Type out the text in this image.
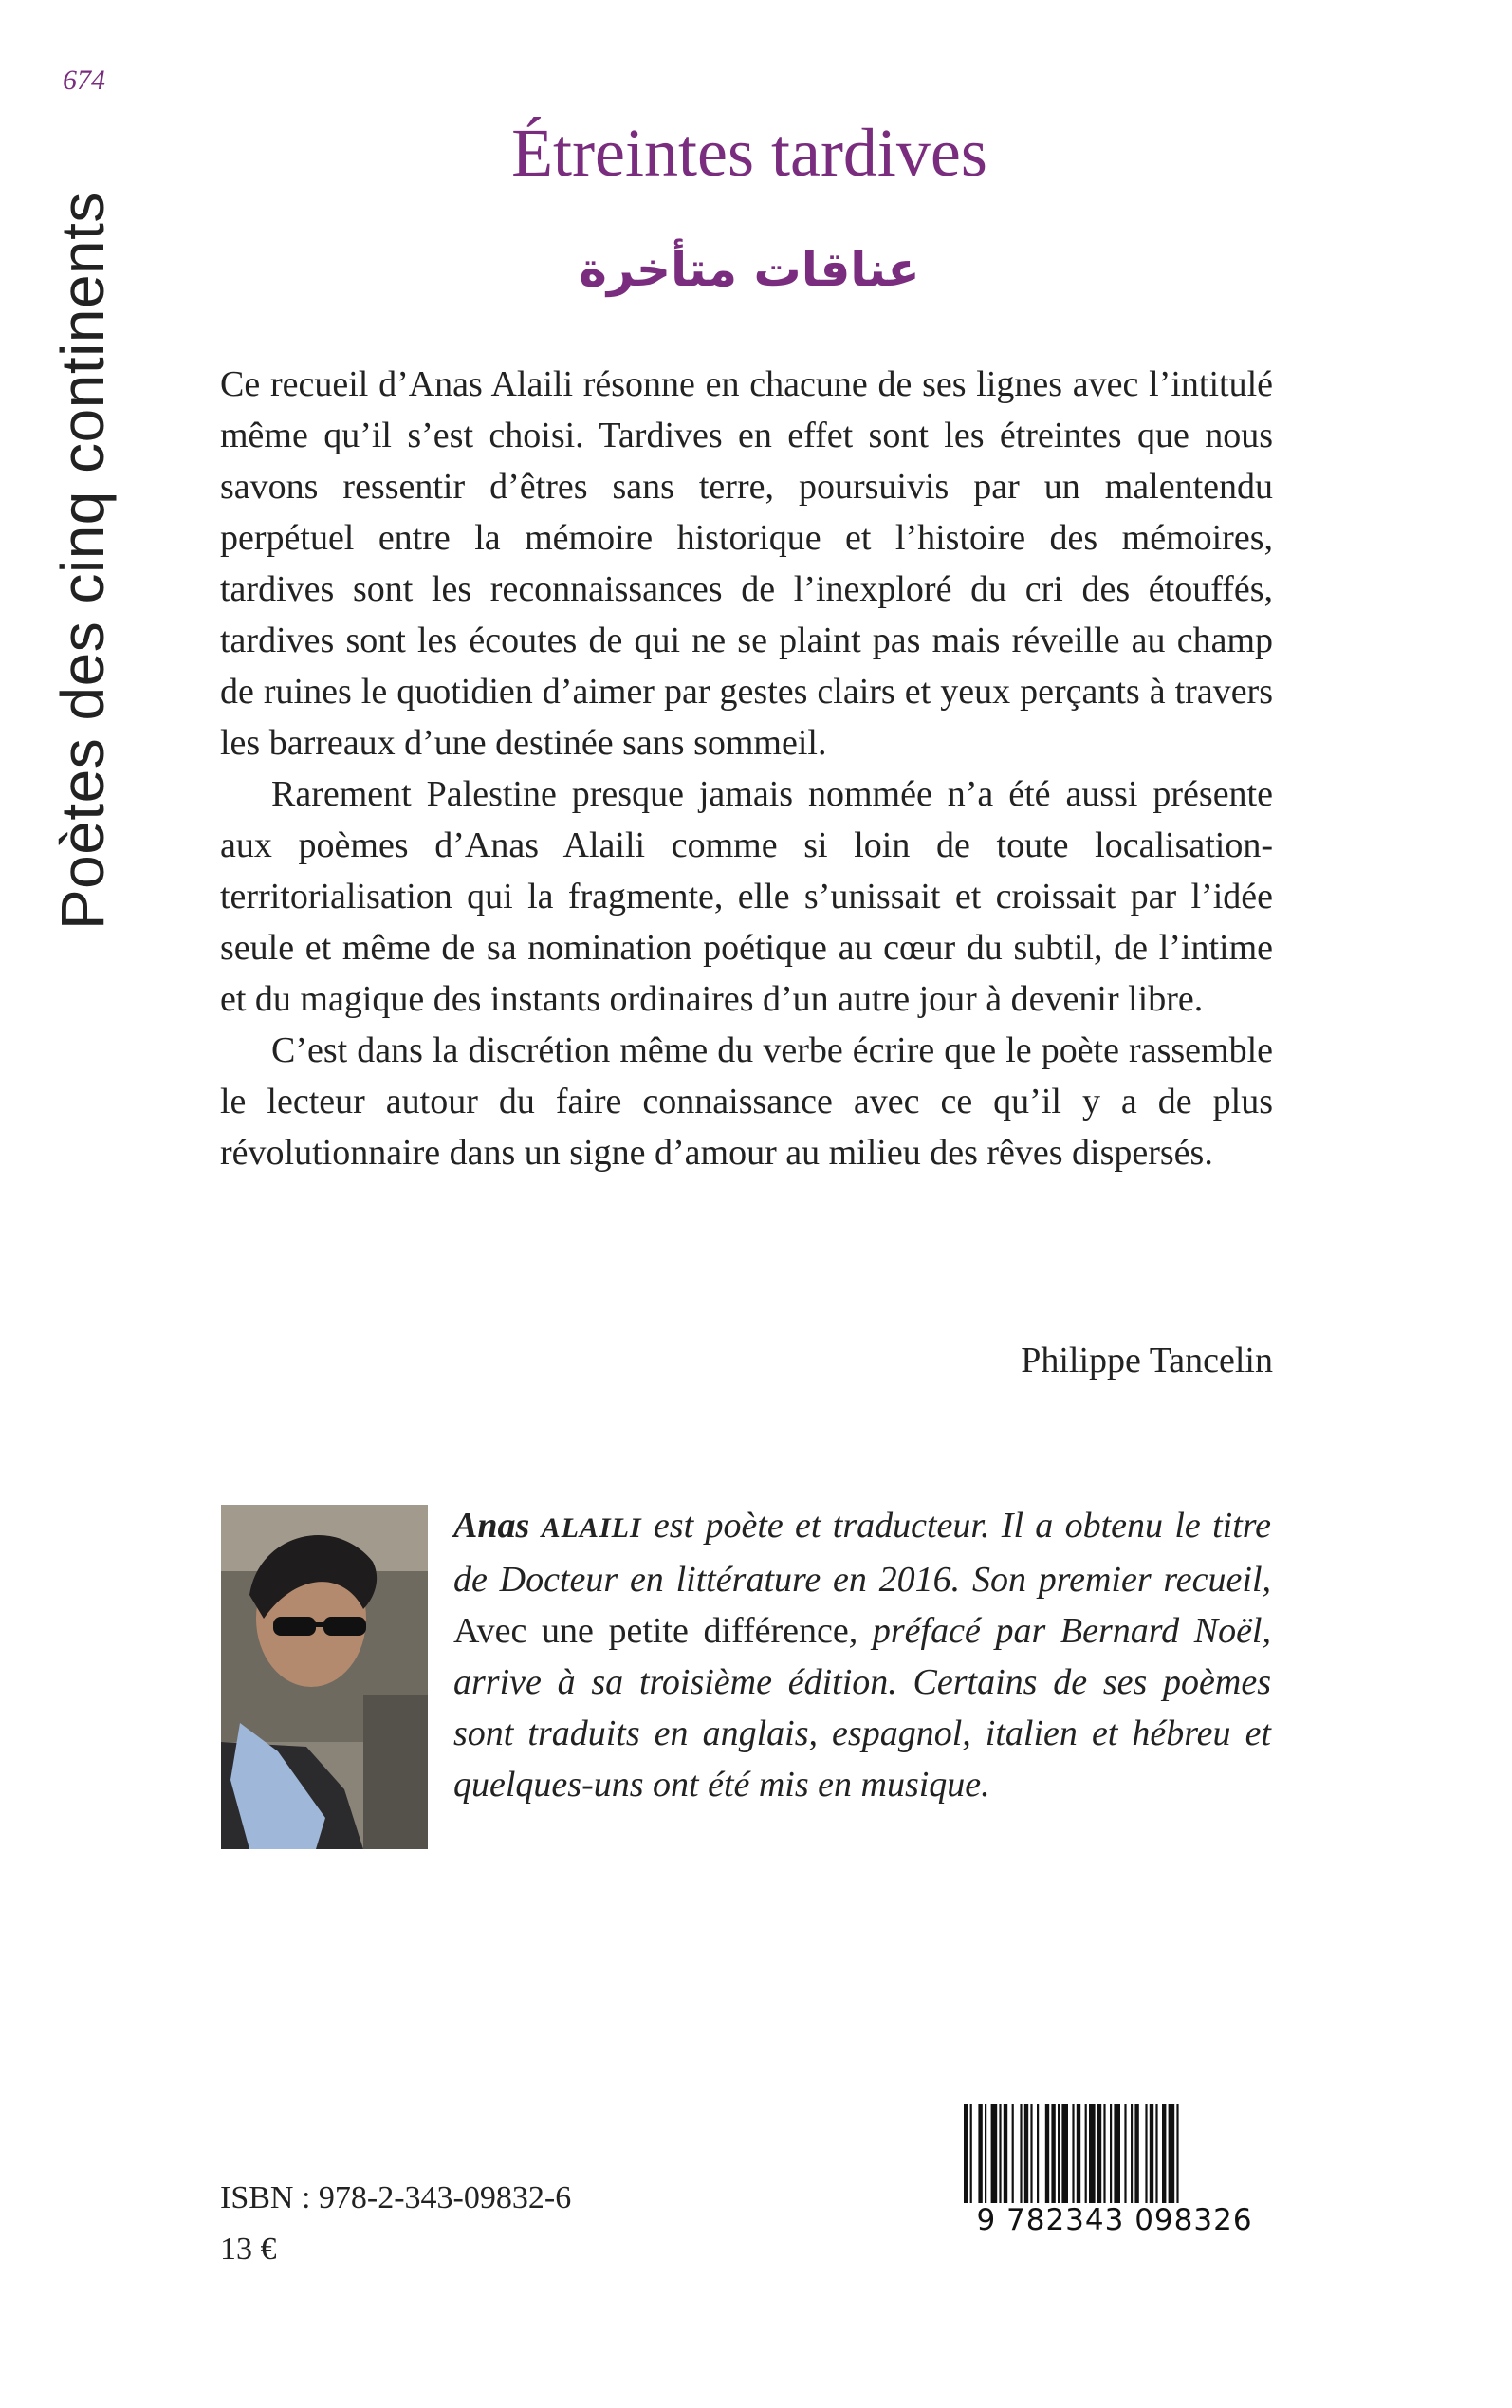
674
Poètes des cinq continents
Étreintes tardives
عناقات متأخرة

Ce recueil d’Anas Alaili résonne en chacune de ses lignes avec l’intitulé même qu’il s’est choisi. Tardives en effet sont les étreintes que nous savons ressentir d’êtres sans terre, poursuivis par un malentendu perpétuel entre la mémoire historique et l’histoire des mémoires, tardives sont les reconnaissances de l’inexploré du cri des étouffés, tardives sont les écoutes de qui ne se plaint pas mais réveille au champ de ruines le quotidien d’aimer par gestes clairs et yeux perçants à travers les barreaux d’une destinée sans sommeil.

Rarement Palestine presque jamais nommée n’a été aussi présente aux poèmes d’Anas Alaili comme si loin de toute localisation-territorialisation qui la fragmente, elle s’unissait et croissait par l’idée seule et même de sa nomination poétique au cœur du subtil, de l’intime et du magique des instants ordinaires d’un autre jour à devenir libre.

C’est dans la discrétion même du verbe écrire que le poète rassemble le lecteur autour du faire connaissance avec ce qu’il y a de plus révolutionnaire dans un signe d’amour au milieu des rêves dispersés.

Philippe Tancelin
Anas ALAILI est poète et traducteur. Il a obtenu le titre de Docteur en littérature en 2016. Son premier recueil, Avec une petite différence, préfacé par Bernard Noël, arrive à sa troisième édition. Certains de ses poèmes sont traduits en anglais, espagnol, italien et hébreu et quelques-uns ont été mis en musique.
ISBN : 978-2-343-09832-6
13 €
9 782343 098326
